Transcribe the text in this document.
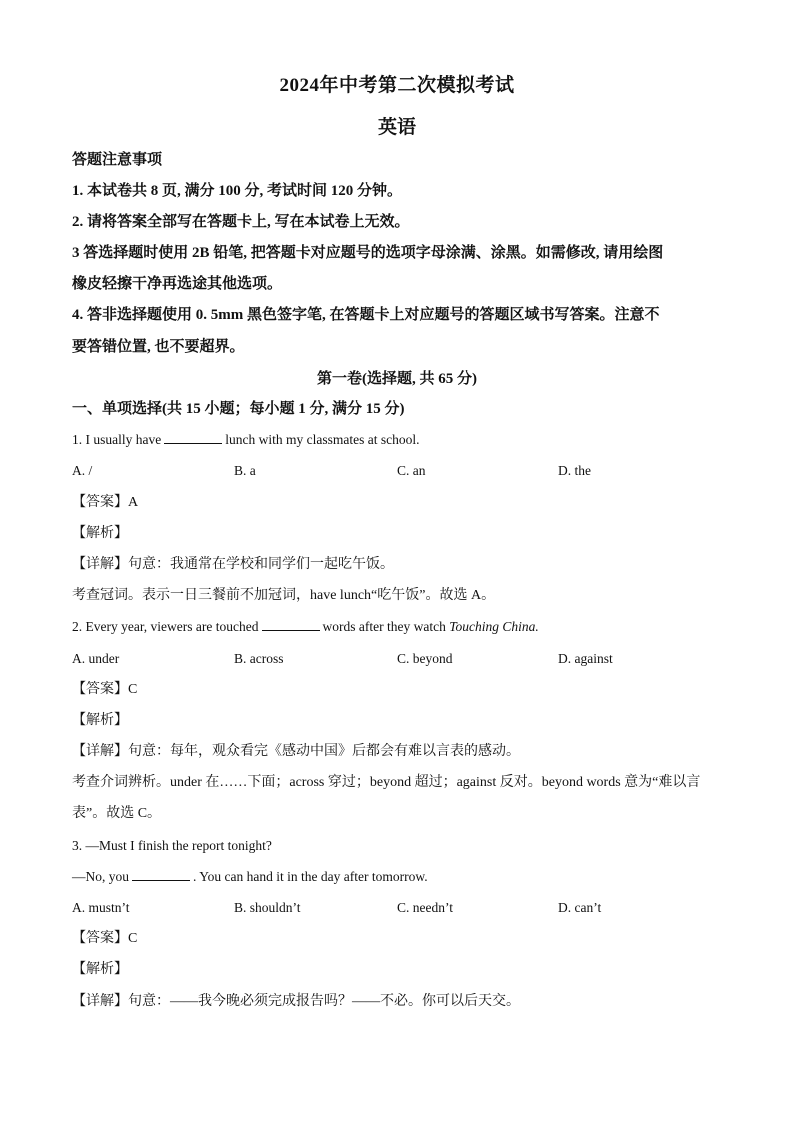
2024年中考第二次模拟考试
英语
答题注意事项
1. 本试卷共 8 页, 满分 100 分, 考试时间 120 分钟。
2. 请将答案全部写在答题卡上, 写在本试卷上无效。
3 答选择题时使用 2B 铅笔, 把答题卡对应题号的选项字母涂满、涂黑。如需修改, 请用绘图
橡皮轻擦干净再选途其他选项。
4. 答非选择题使用 0. 5mm 黑色签字笔, 在答题卡上对应题号的答题区域书写答案。注意不
要答错位置, 也不要超界。
第一卷(选择题, 共 65 分)
一、单项选择(共 15 小题；每小题 1 分, 满分 15 分)
1. I usually have	lunch with my classmates at school.
A. /	B. a	C. an	D. the
【答案】A
【解析】
【详解】句意：我通常在学校和同学们一起吃午饭。
考查冠词。表示一日三餐前不加冠词，have lunch“吃午饭”。故选 A。
2. Every year, viewers are touched	words after they watch Touching China.
A. under	B. across	C. beyond	D. against
【答案】C
【解析】
【详解】句意：每年，观众看完《感动中国》后都会有难以言表的感动。
考查介词辨析。under 在……下面；across 穿过；beyond 超过；against 反对。beyond words 意为“难以言
表”。故选 C。
3. —Must I finish the report tonight?
—No, you	. You can hand it in the day after tomorrow.
A. mustn’t	B. shouldn’t	C. needn’t	D. can’t
【答案】C
【解析】
【详解】句意：——我今晚必须完成报告吗？——不必。你可以后天交。
